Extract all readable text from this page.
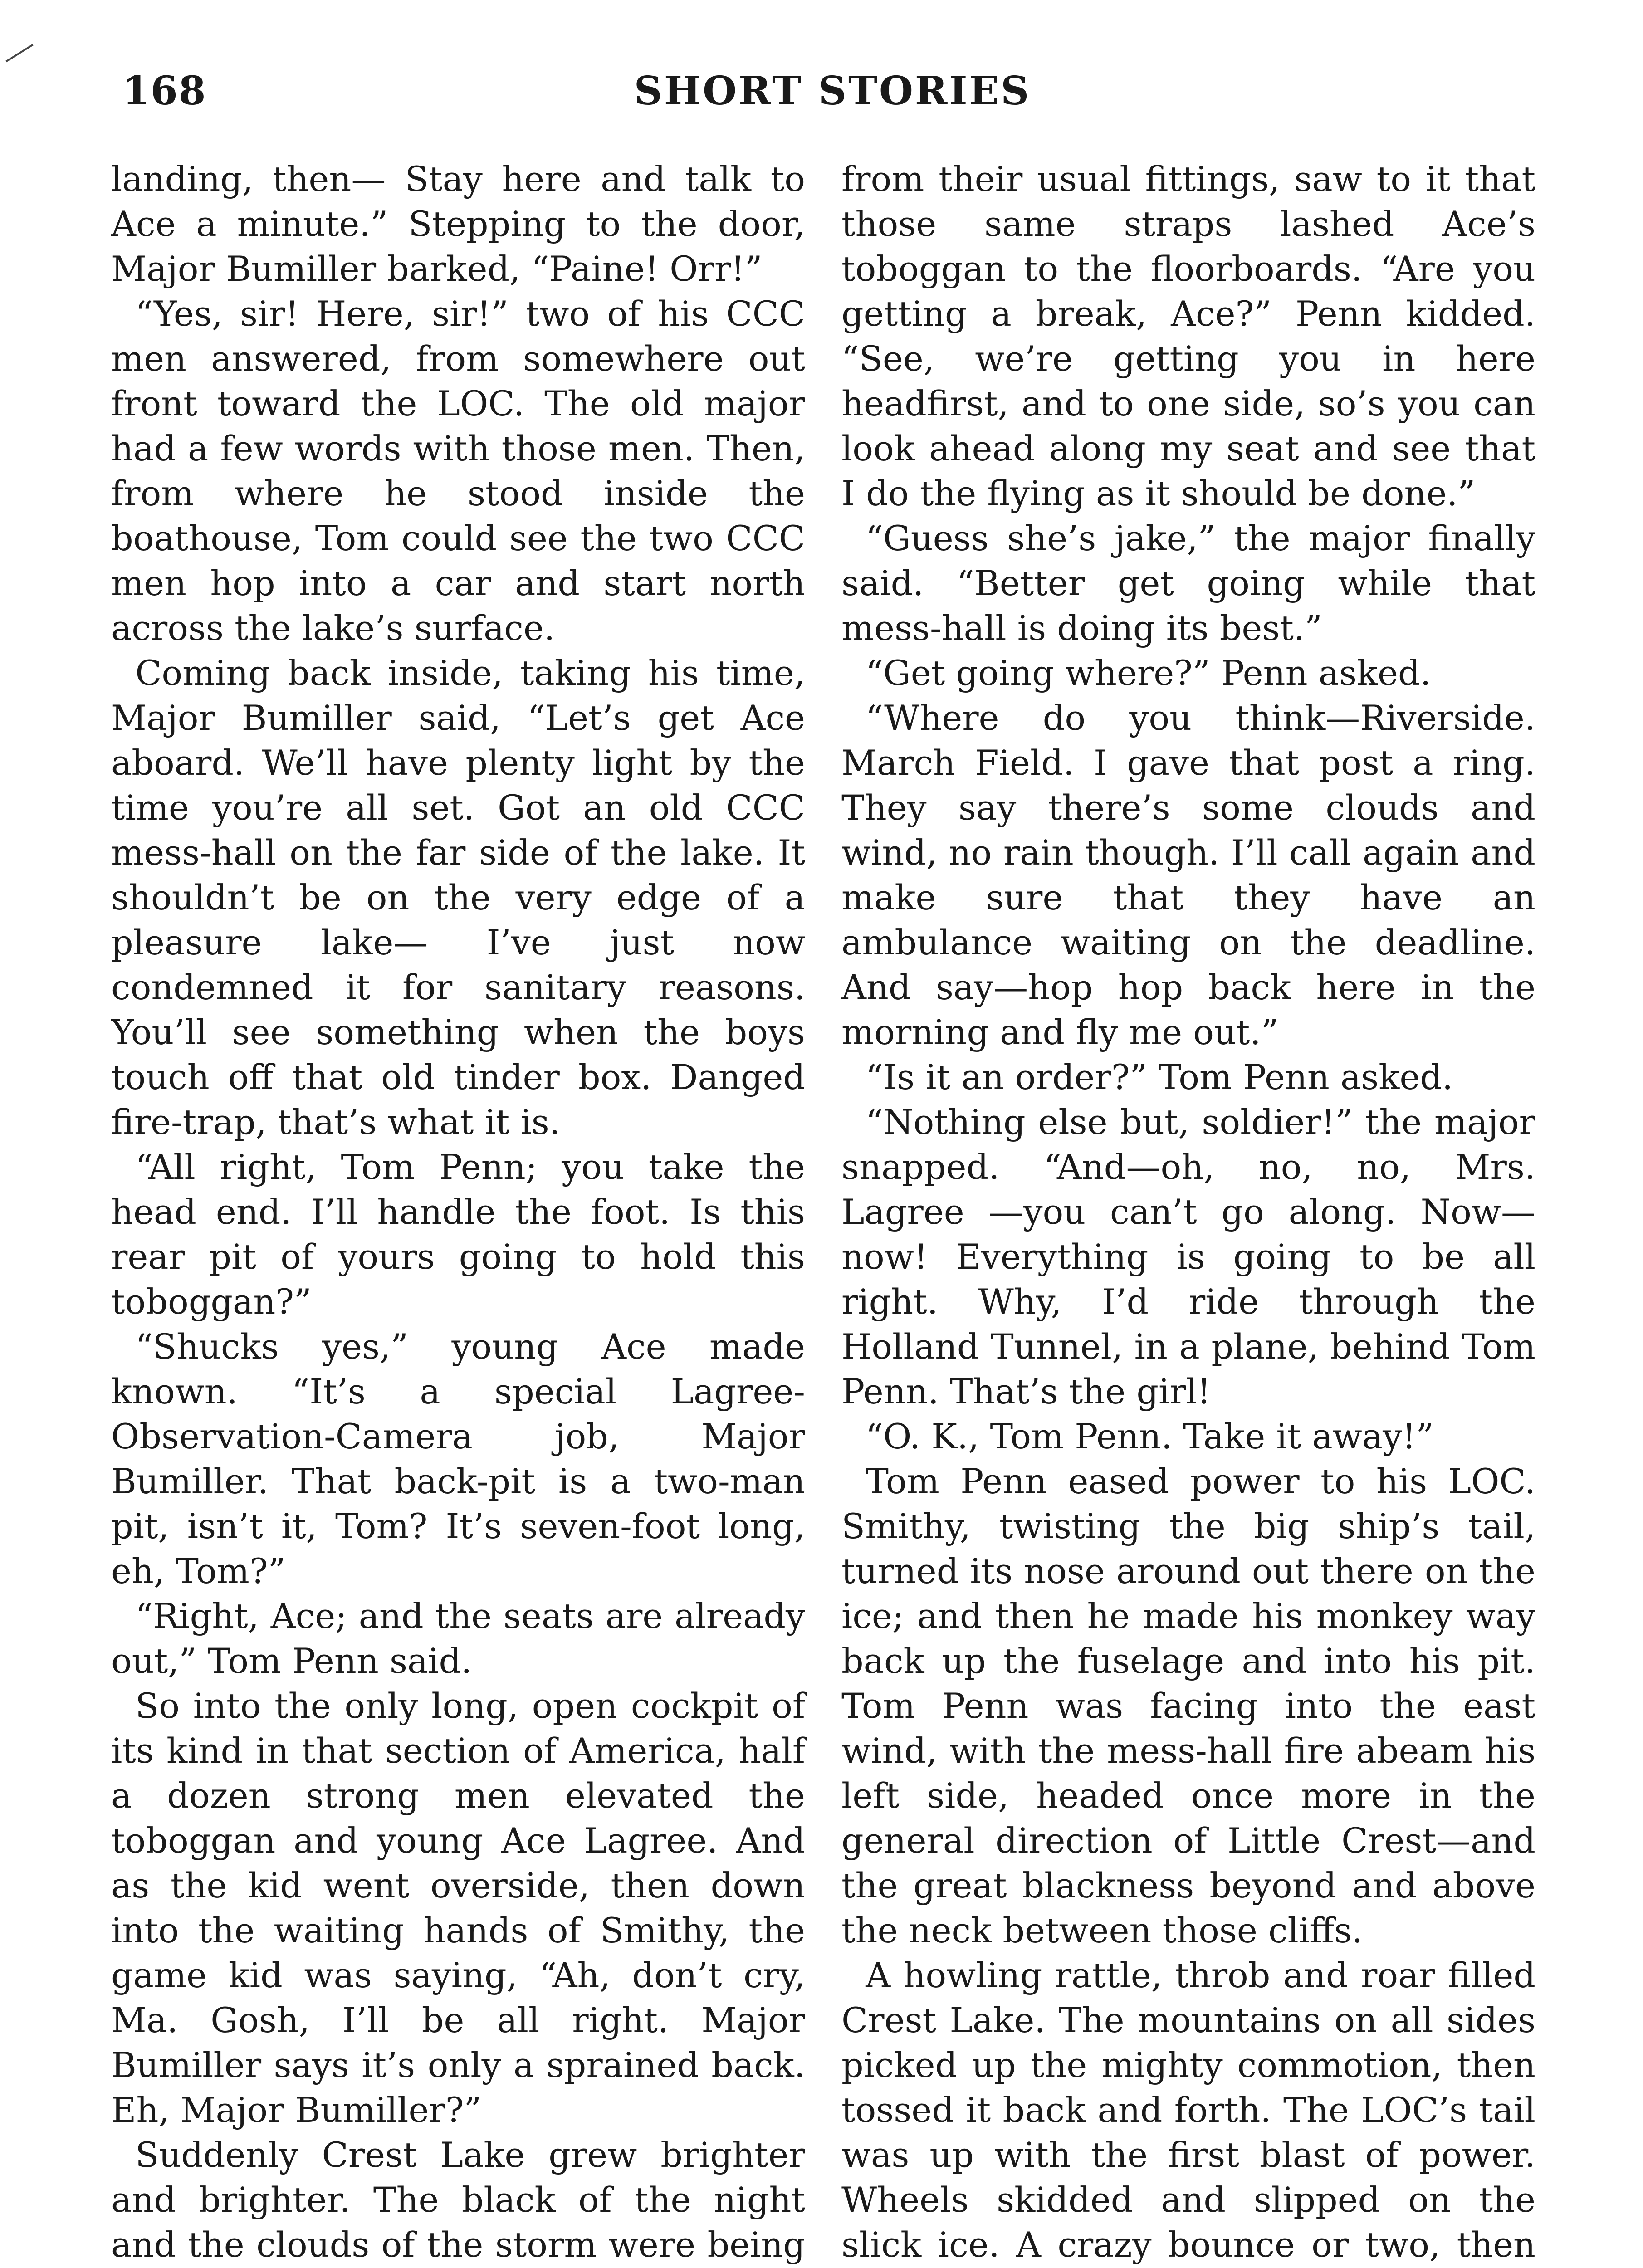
168	SHORT STORIES

landing, then— Stay here and talk to Ace a minute.” Stepping to the door, Major Bumiller barked, “Paine! Orr!”

“Yes, sir! Here, sir!” two of his CCC men answered, from somewhere out front toward the LOC. The old major had a few words with those men. Then, from where he stood inside the boathouse, Tom could see the two CCC men hop into a car and start north across the lake’s surface.

Coming back inside, taking his time, Major Bumiller said, “Let’s get Ace aboard. We’ll have plenty light by the time you’re all set. Got an old CCC mess-hall on the far side of the lake. It shouldn’t be on the very edge of a pleasure lake— I’ve just now condemned it for sanitary reasons. You’ll see something when the boys touch off that old tinder box. Danged fire-trap, that’s what it is.

“All right, Tom Penn; you take the head end. I’ll handle the foot. Is this rear pit of yours going to hold this toboggan?”

“Shucks yes,” young Ace made known. “It’s a special Lagree-Observation-Camera job, Major Bumiller. That back-pit is a two-man pit, isn’t it, Tom? It’s seven-foot long, eh, Tom?”

“Right, Ace; and the seats are already out,” Tom Penn said.

So into the only long, open cockpit of its kind in that section of America, half a dozen strong men elevated the toboggan and young Ace Lagree. And as the kid went overside, then down into the waiting hands of Smithy, the game kid was saying, “Ah, don’t cry, Ma. Gosh, I’ll be all right. Major Bumiller says it’s only a sprained back. Eh, Major Bumiller?”

Suddenly Crest Lake grew brighter and brighter. The black of the night and the clouds of the storm were being

from their usual fittings, saw to it that those same straps lashed Ace’s toboggan to the floorboards. “Are you getting a break, Ace?” Penn kidded. “See, we’re getting you in here headfirst, and to one side, so’s you can look ahead along my seat and see that I do the flying as it should be done.”

“Guess she’s jake,” the major finally said. “Better get going while that mess-hall is doing its best.”

“Get going where?” Penn asked.

“Where do you think—Riverside. March Field. I gave that post a ring. They say there’s some clouds and wind, no rain though. I’ll call again and make sure that they have an ambulance waiting on the deadline. And say—hop hop back here in the morning and fly me out.”

“Is it an order?” Tom Penn asked.

“Nothing else but, soldier!” the major snapped. “And—oh, no, no, Mrs. Lagree —you can’t go along. Now—now! Everything is going to be all right. Why, I’d ride through the Holland Tunnel, in a plane, behind Tom Penn. That’s the girl!

“O. K., Tom Penn. Take it away!”

Tom Penn eased power to his LOC. Smithy, twisting the big ship’s tail, turned its nose around out there on the ice; and then he made his monkey way back up the fuselage and into his pit. Tom Penn was facing into the east wind, with the mess-hall fire abeam his left side, headed once more in the general direction of Little Crest—and the great blackness beyond and above the neck between those cliffs.

A howling rattle, throb and roar filled Crest Lake. The mountains on all sides picked up the mighty commotion, then tossed it back and forth. The LOC’s tail was up with the first blast of power. Wheels skidded and slipped on the slick ice. A crazy bounce or two, then
